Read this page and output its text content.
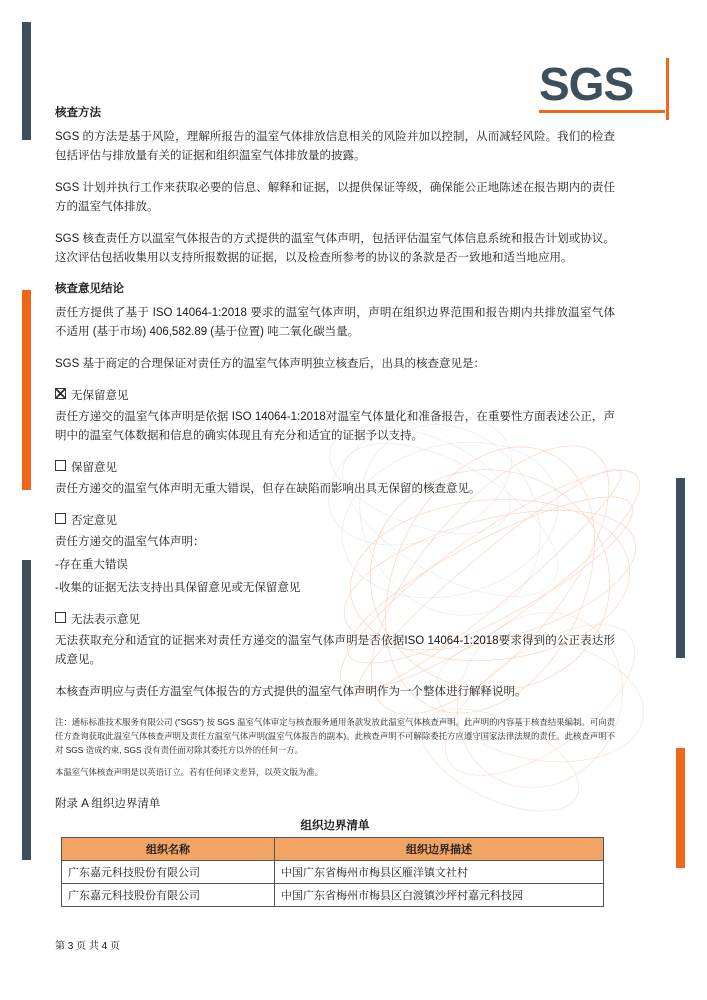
SGS
核查方法

SGS 的方法是基于风险，理解所报告的温室气体排放信息相关的风险并加以控制，从而减轻风险。我们的检查包括评估与排放量有关的证据和组织温室气体排放量的披露。

SGS 计划并执行工作来获取必要的信息、解释和证据，以提供保证等级，确保能公正地陈述在报告期内的责任方的温室气体排放。

SGS 核查责任方以温室气体报告的方式提供的温室气体声明，包括评估温室气体信息系统和报告计划或协议。这次评估包括收集用以支持所报数据的证据，以及检查所参考的协议的条款是否一致地和适当地应用。

核查意见结论

责任方提供了基于 ISO 14064-1:2018 要求的温室气体声明，声明在组织边界范围和报告期内共排放温室气体不适用 (基于市场) 406,582.89 (基于位置) 吨二氧化碳当量。

SGS 基于商定的合理保证对责任方的温室气体声明独立核查后，出具的核查意见是：

无保留意见

责任方递交的温室气体声明是依据 ISO 14064-1:2018对温室气体量化和准备报告，在重要性方面表述公正，声明中的温室气体数据和信息的确实体现且有充分和适宜的证据予以支持。

保留意见

责任方递交的温室气体声明无重大错误，但存在缺陷而影响出具无保留的核查意见。

否定意见

责任方递交的温室气体声明：

-存在重大错误

-收集的证据无法支持出具保留意见或无保留意见

无法表示意见

无法获取充分和适宜的证据来对责任方递交的温室气体声明是否依据ISO 14064-1:2018要求得到的公正表达形成意见。

本核查声明应与责任方温室气体报告的方式提供的温室气体声明作为一个整体进行解释说明。

注：通标标准技术服务有限公司 ("SGS") 按 SGS 温室气体审定与核查服务通用条款发放此温室气体核查声明。此声明的内容基于核查结果编制。可向责任方查询获取此温室气体核查声明及责任方温室气体声明(温室气体报告的副本)。此核查声明不可解除委托方应遵守国家法律法规的责任。此核查声明不对 SGS 造成约束, SGS 没有责任面对除其委托方以外的任何一方。

本温室气体核查声明是以英语订立。若有任何译文差异，以英文版为准。

附录 A 组织边界清单
组织边界清单
组织名称	组织边界描述
广东嘉元科技股份有限公司	中国广东省梅州市梅县区雁洋镇文社村
广东嘉元科技股份有限公司	中国广东省梅州市梅县区白渡镇沙坪村嘉元科技园
第 3 页 共 4 页
